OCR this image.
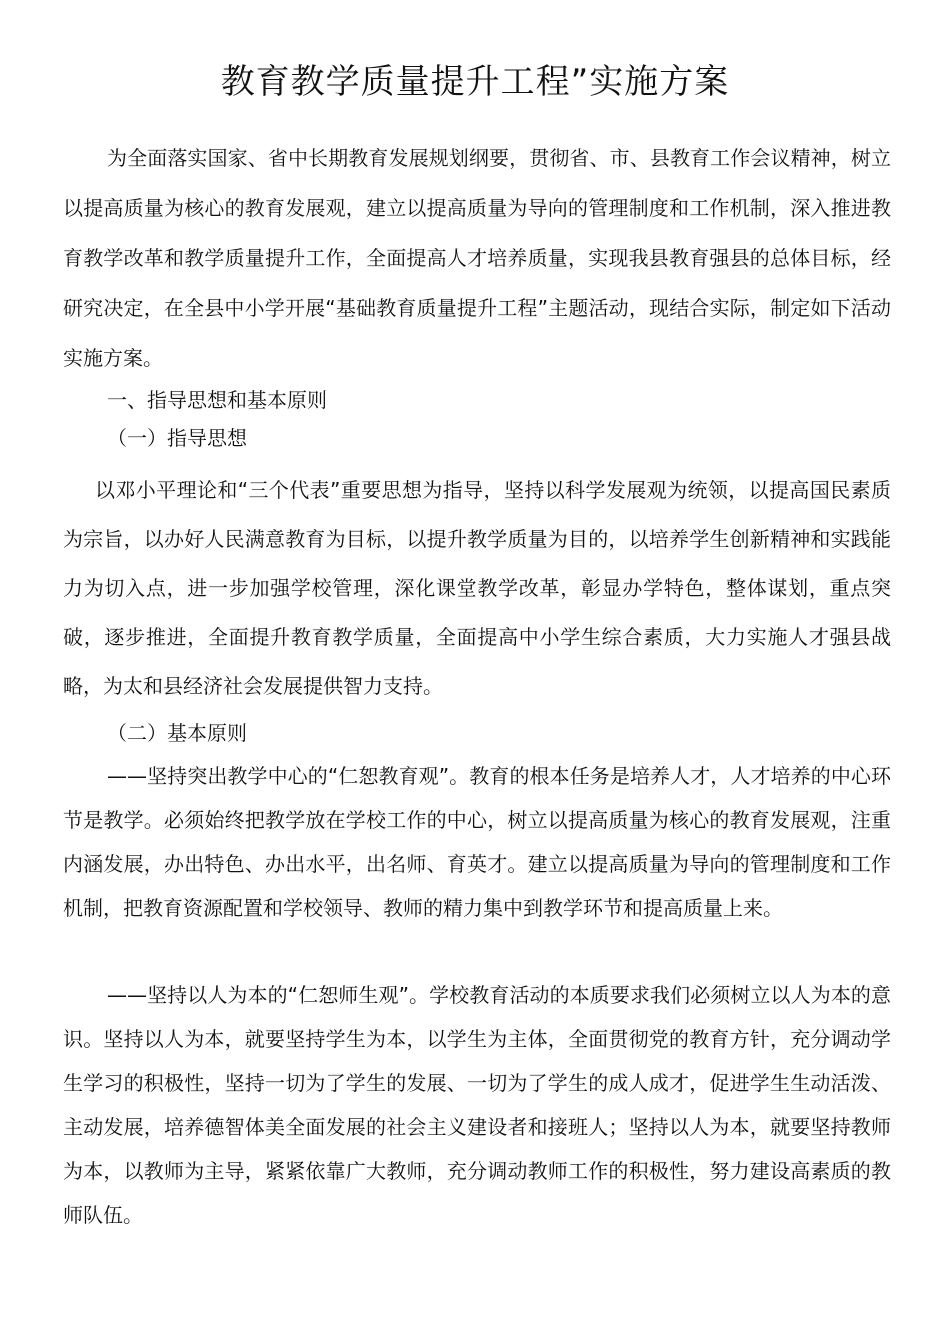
教育教学质量提升工程”实施方案

为全面落实国家、省中长期教育发展规划纲要，贯彻省、市、县教育工作会议精神，树立以提高质量为核心的教育发展观，建立以提高质量为导向的管理制度和工作机制，深入推进教育教学改革和教学质量提升工作，全面提高人才培养质量，实现我县教育强县的总体目标，经研究决定，在全县中小学开展“基础教育质量提升工程”主题活动，现结合实际，制定如下活动实施方案。

一、指导思想和基本原则

（一）指导思想

以邓小平理论和“三个代表”重要思想为指导，坚持以科学发展观为统领，以提高国民素质为宗旨，以办好人民满意教育为目标，以提升教学质量为目的，以培养学生创新精神和实践能力为切入点，进一步加强学校管理，深化课堂教学改革，彰显办学特色，整体谋划，重点突破，逐步推进，全面提升教育教学质量，全面提高中小学生综合素质，大力实施人才强县战略，为太和县经济社会发展提供智力支持。

（二）基本原则

——坚持突出教学中心的“仁恕教育观”。教育的根本任务是培养人才，人才培养的中心环节是教学。必须始终把教学放在学校工作的中心，树立以提高质量为核心的教育发展观，注重内涵发展，办出特色、办出水平，出名师、育英才。建立以提高质量为导向的管理制度和工作机制，把教育资源配置和学校领导、教师的精力集中到教学环节和提高质量上来。

——坚持以人为本的“仁恕师生观”。学校教育活动的本质要求我们必须树立以人为本的意识。坚持以人为本，就要坚持学生为本，以学生为主体，全面贯彻党的教育方针，充分调动学生学习的积极性，坚持一切为了学生的发展、一切为了学生的成人成才，促进学生生动活泼、主动发展，培养德智体美全面发展的社会主义建设者和接班人；坚持以人为本，就要坚持教师为本，以教师为主导，紧紧依靠广大教师，充分调动教师工作的积极性，努力建设高素质的教师队伍。
